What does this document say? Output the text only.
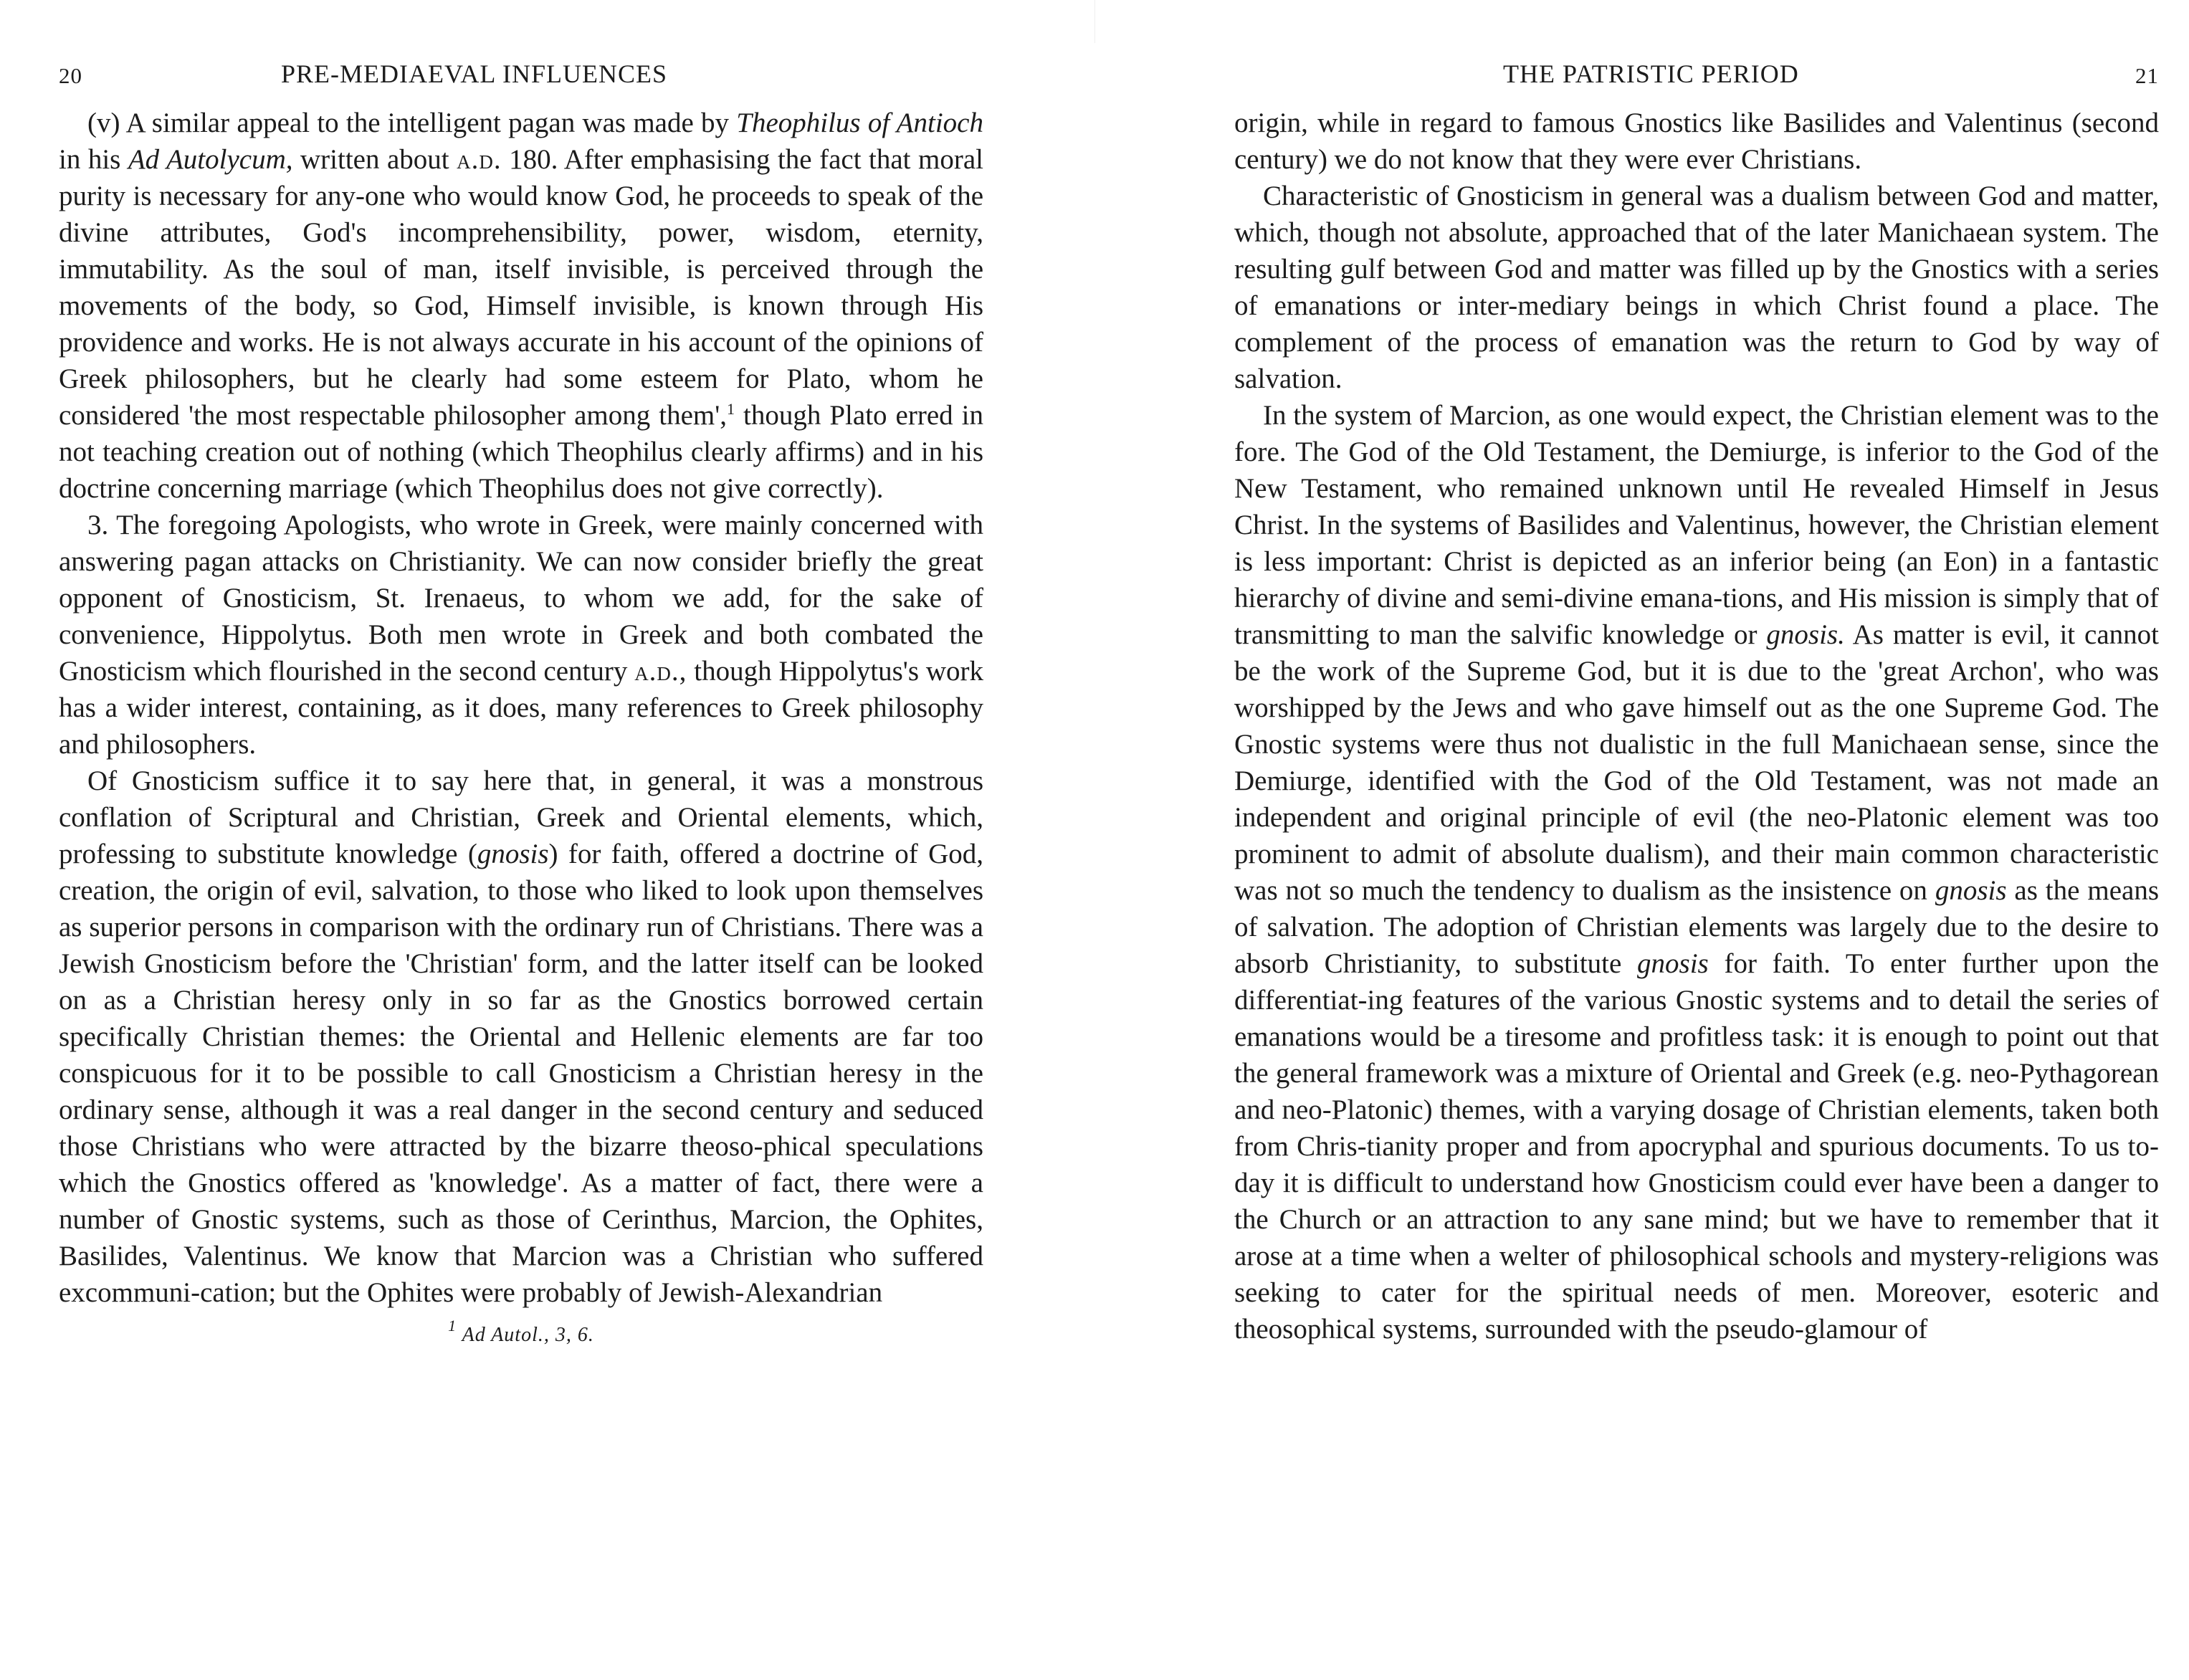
20	PRE-MEDIAEVAL INFLUENCES

(v) A similar appeal to the intelligent pagan was made by Theophilus of Antioch in his Ad Autolycum, written about a.d. 180. After emphasising the fact that moral purity is necessary for any-one who would know God, he proceeds to speak of the divine attributes, God's incomprehensibility, power, wisdom, eternity, immutability. As the soul of man, itself invisible, is perceived through the movements of the body, so God, Himself invisible, is known through His providence and works. He is not always accurate in his account of the opinions of Greek philosophers, but he clearly had some esteem for Plato, whom he considered 'the most respectable philosopher among them',$^1$ though Plato erred in not teaching creation out of nothing (which Theophilus clearly affirms) and in his doctrine concerning marriage (which Theophilus does not give correctly).

3. The foregoing Apologists, who wrote in Greek, were mainly concerned with answering pagan attacks on Christianity. We can now consider briefly the great opponent of Gnosticism, St. Irenaeus, to whom we add, for the sake of convenience, Hippolytus. Both men wrote in Greek and both combated the Gnosticism which flourished in the second century a.d., though Hippolytus's work has a wider interest, containing, as it does, many references to Greek philosophy and philosophers.

Of Gnosticism suffice it to say here that, in general, it was a monstrous conflation of Scriptural and Christian, Greek and Oriental elements, which, professing to substitute knowledge (gnosis) for faith, offered a doctrine of God, creation, the origin of evil, salvation, to those who liked to look upon themselves as superior persons in comparison with the ordinary run of Christians. There was a Jewish Gnosticism before the 'Christian' form, and the latter itself can be looked on as a Christian heresy only in so far as the Gnostics borrowed certain specifically Christian themes: the Oriental and Hellenic elements are far too conspicuous for it to be possible to call Gnosticism a Christian heresy in the ordinary sense, although it was a real danger in the second century and seduced those Christians who were attracted by the bizarre theoso-phical speculations which the Gnostics offered as 'knowledge'. As a matter of fact, there were a number of Gnostic systems, such as those of Cerinthus, Marcion, the Ophites, Basilides, Valentinus. We know that Marcion was a Christian who suffered excommuni-cation; but the Ophites were probably of Jewish-Alexandrian

$^1$ Ad Autol., 3, 6.
THE PATRISTIC PERIOD	21

origin, while in regard to famous Gnostics like Basilides and Valentinus (second century) we do not know that they were ever Christians.

Characteristic of Gnosticism in general was a dualism between God and matter, which, though not absolute, approached that of the later Manichaean system. The resulting gulf between God and matter was filled up by the Gnostics with a series of emanations or inter-mediary beings in which Christ found a place. The complement of the process of emanation was the return to God by way of salvation.

In the system of Marcion, as one would expect, the Christian element was to the fore. The God of the Old Testament, the Demiurge, is inferior to the God of the New Testament, who remained unknown until He revealed Himself in Jesus Christ. In the systems of Basilides and Valentinus, however, the Christian element is less important: Christ is depicted as an inferior being (an Eon) in a fantastic hierarchy of divine and semi-divine emana-tions, and His mission is simply that of transmitting to man the salvific knowledge or gnosis. As matter is evil, it cannot be the work of the Supreme God, but it is due to the 'great Archon', who was worshipped by the Jews and who gave himself out as the one Supreme God. The Gnostic systems were thus not dualistic in the full Manichaean sense, since the Demiurge, identified with the God of the Old Testament, was not made an independent and original principle of evil (the neo-Platonic element was too prominent to admit of absolute dualism), and their main common characteristic was not so much the tendency to dualism as the insistence on gnosis as the means of salvation. The adoption of Christian elements was largely due to the desire to absorb Christianity, to substitute gnosis for faith. To enter further upon the differentiat-ing features of the various Gnostic systems and to detail the series of emanations would be a tiresome and profitless task: it is enough to point out that the general framework was a mixture of Oriental and Greek (e.g. neo-Pythagorean and neo-Platonic) themes, with a varying dosage of Christian elements, taken both from Chris-tianity proper and from apocryphal and spurious documents. To us to-day it is difficult to understand how Gnosticism could ever have been a danger to the Church or an attraction to any sane mind; but we have to remember that it arose at a time when a welter of philosophical schools and mystery-religions was seeking to cater for the spiritual needs of men. Moreover, esoteric and theosophical systems, surrounded with the pseudo-glamour of
